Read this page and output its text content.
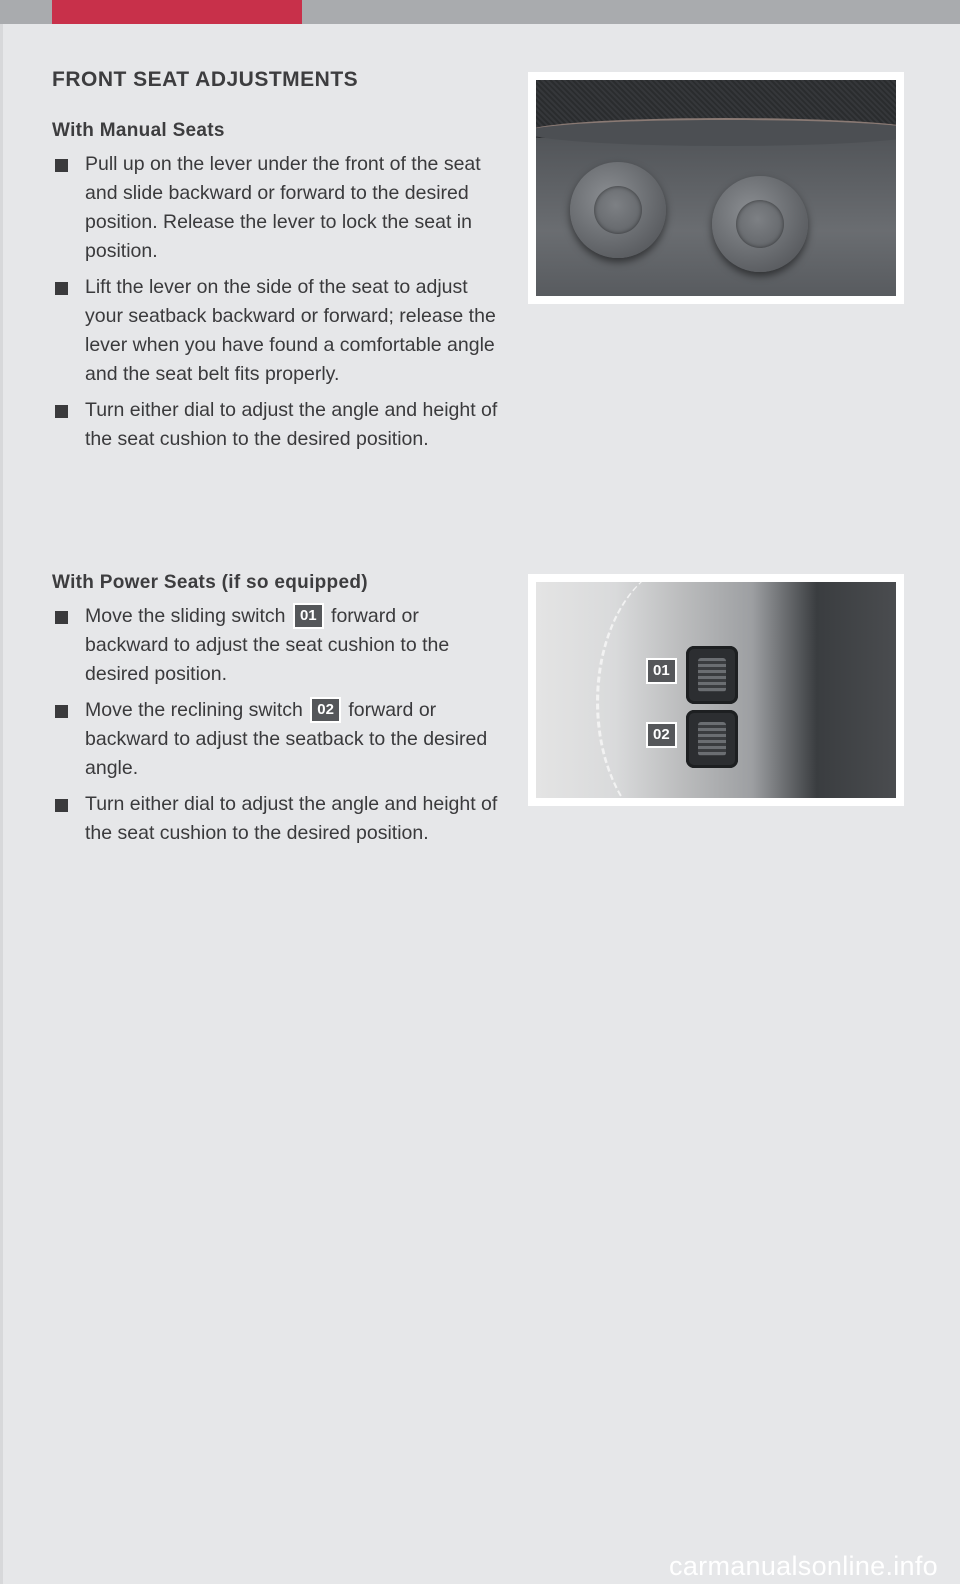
FRONT SEAT ADJUSTMENTS
With Manual Seats
Pull up on the lever under the front of the seat and slide backward or forward to the desired position. Release the lever to lock the seat in position.
Lift the lever on the side of the seat to adjust your seatback backward or forward; release the lever when you have found a comfortable angle and the seat belt fits properly.
Turn either dial to adjust the angle and height of the seat cushion to the desired position.
With Power Seats (if so equipped)
Move the sliding switch 01 forward or backward to adjust the seat cushion to the desired position.
Move the reclining switch 02 forward or backward to adjust the seatback to the desired angle.
Turn either dial to adjust the angle and height of the seat cushion to the desired position.
01
02
carmanualsonline.info
